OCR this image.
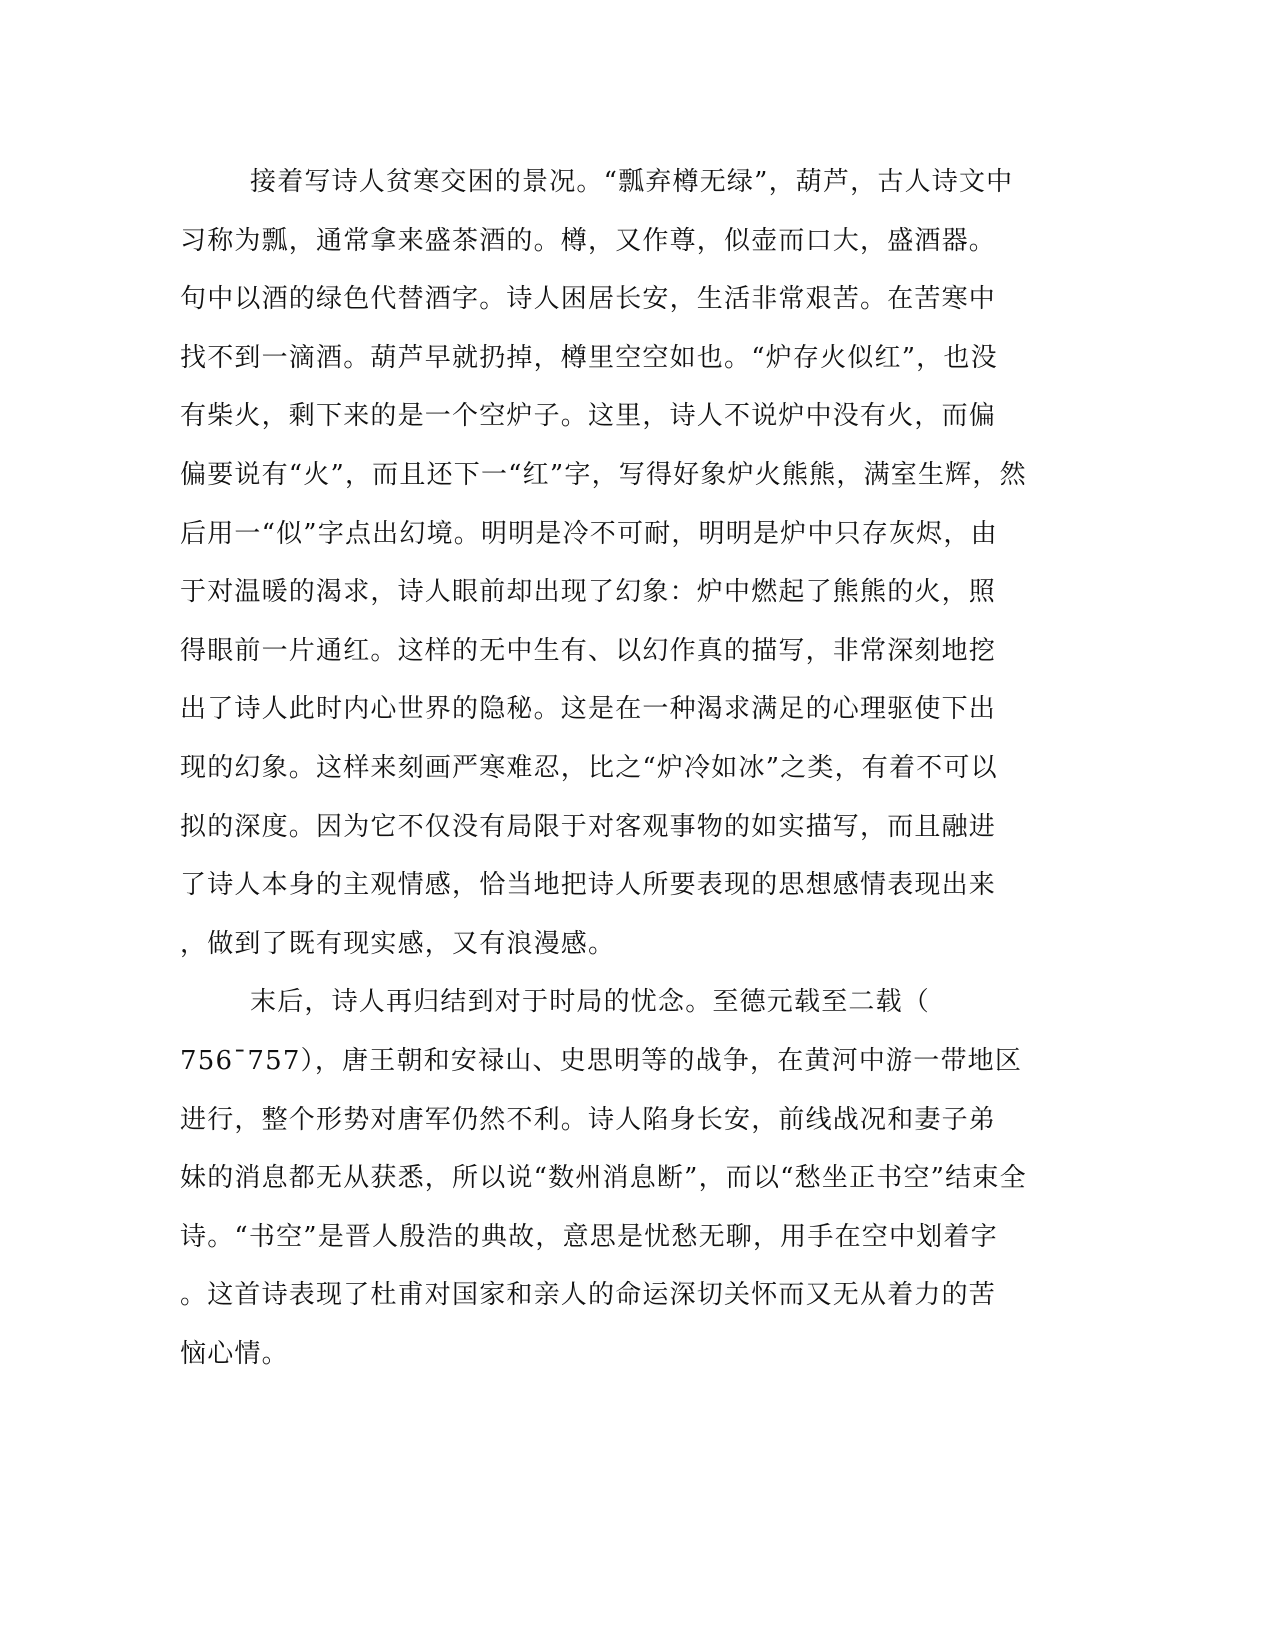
接着写诗人贫寒交困的景况。“瓢弃樽无绿”，葫芦，古人诗文中
习称为瓢，通常拿来盛茶酒的。樽，又作尊，似壶而口大，盛酒器。
句中以酒的绿色代替酒字。诗人困居长安，生活非常艰苦。在苦寒中
找不到一滴酒。葫芦早就扔掉，樽里空空如也。“炉存火似红”，也没
有柴火，剩下来的是一个空炉子。这里，诗人不说炉中没有火，而偏
偏要说有“火”，而且还下一“红”字，写得好象炉火熊熊，满室生辉，然
后用一“似”字点出幻境。明明是冷不可耐，明明是炉中只存灰烬，由
于对温暖的渴求，诗人眼前却出现了幻象：炉中燃起了熊熊的火，照
得眼前一片通红。这样的无中生有、以幻作真的描写，非常深刻地挖
出了诗人此时内心世界的隐秘。这是在一种渴求满足的心理驱使下出
现的幻象。这样来刻画严寒难忍，比之“炉冷如冰”之类，有着不可以
拟的深度。因为它不仅没有局限于对客观事物的如实描写，而且融进
了诗人本身的主观情感，恰当地把诗人所要表现的思想感情表现出来
，做到了既有现实感，又有浪漫感。
末后，诗人再归结到对于时局的忧念。至德元载至二载（
756¯757），唐王朝和安禄山、史思明等的战争，在黄河中游一带地区
进行，整个形势对唐军仍然不利。诗人陷身长安，前线战况和妻子弟
妹的消息都无从获悉，所以说“数州消息断”，而以“愁坐正书空”结束全
诗。“书空”是晋人殷浩的典故，意思是忧愁无聊，用手在空中划着字
。这首诗表现了杜甫对国家和亲人的命运深切关怀而又无从着力的苦
恼心情。
